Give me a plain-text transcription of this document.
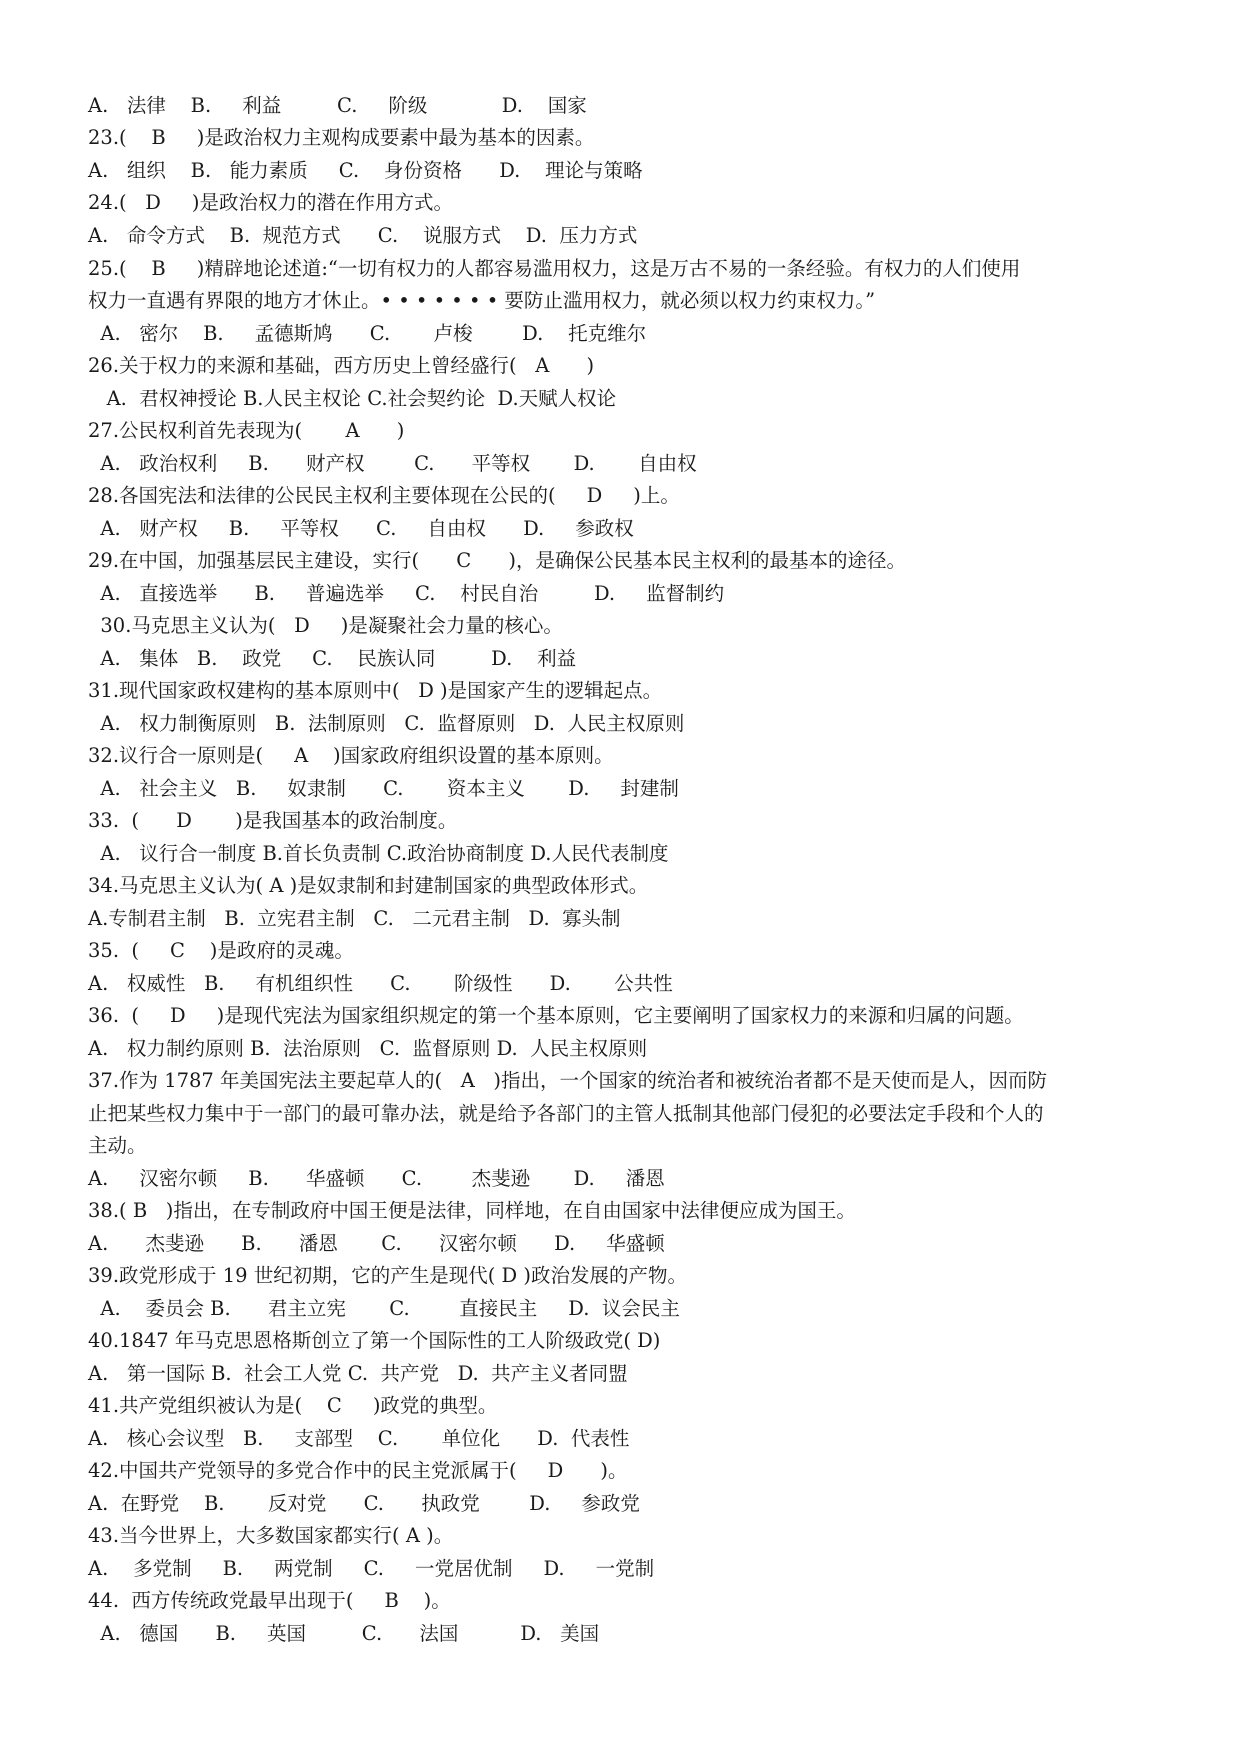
A.   法律    B.     利益         C.     阶级            D.    国家
23.(    B     )是政治权力主观构成要素中最为基本的因素。
A.   组织    B.   能力素质     C.    身份资格      D.    理论与策略
24.(   D     )是政治权力的潜在作用方式。
A.   命令方式    B.  规范方式      C.    说服方式    D.  压力方式
25.(    B     )精辟地论述道:“一切有权力的人都容易滥用权力，这是万古不易的一条经验。有权力的人们使用
权力一直遇有界限的地方才休止。• • • • • • • 要防止滥用权力，就必须以权力约束权力。”
A.   密尔    B.     孟德斯鸠      C.       卢梭        D.    托克维尔
26.关于权力的来源和基础，西方历史上曾经盛行(   A      )
A.  君权神授论 B.人民主权论 C.社会契约论  D.天赋人权论
27.公民权利首先表现为(       A      )
A.   政治权利     B.      财产权        C.      平等权       D.       自由权
28.各国宪法和法律的公民民主权利主要体现在公民的(     D     )上。
A.   财产权     B.     平等权      C.     自由权      D.     参政权
29.在中国，加强基层民主建设，实行(      C      )，是确保公民基本民主权利的最基本的途径。
A.   直接选举      B.     普遍选举     C.    村民自治         D.     监督制约
30.马克思主义认为(   D     )是凝聚社会力量的核心。
A.   集体   B.    政党     C.    民族认同         D.    利益
31.现代国家政权建构的基本原则中(   D )是国家产生的逻辑起点。
A.   权力制衡原则   B.  法制原则   C.  监督原则   D.  人民主权原则
32.议行合一原则是(     A    )国家政府组织设置的基本原则。
A.   社会主义   B.     奴隶制      C.       资本主义       D.     封建制
33.  (      D       )是我国基本的政治制度。
A.   议行合一制度 B.首长负责制 C.政治协商制度 D.人民代表制度
34.马克思主义认为( A )是奴隶制和封建制国家的典型政体形式。
A.专制君主制   B.  立宪君主制   C.   二元君主制   D.  寡头制
35.  (     C    )是政府的灵魂。
A.   权威性   B.     有机组织性      C.       阶级性      D.       公共性
36.  (     D     )是现代宪法为国家组织规定的第一个基本原则，它主要阐明了国家权力的来源和归属的问题。
A.   权力制约原则 B.  法治原则   C.  监督原则 D.  人民主权原则
37.作为 1787 年美国宪法主要起草人的(   A   )指出，一个国家的统治者和被统治者都不是天使而是人，因而防
止把某些权力集中于一部门的最可靠办法，就是给予各部门的主管人抵制其他部门侵犯的必要法定手段和个人的
主动。
A.     汉密尔顿     B.      华盛顿      C.        杰斐逊       D.     潘恩
38.( B   )指出，在专制政府中国王便是法律，同样地，在自由国家中法律便应成为国王。
A.      杰斐逊      B.      潘恩       C.      汉密尔顿      D.     华盛顿
39.政党形成于 19 世纪初期，它的产生是现代( D )政治发展的产物。
A.    委员会 B.      君主立宪       C.        直接民主     D.  议会民主
40.1847 年马克思恩格斯创立了第一个国际性的工人阶级政党( D)
A.   第一国际 B.  社会工人党 C.  共产党   D.  共产主义者同盟
41.共产党组织被认为是(    C     )政党的典型。
A.   核心会议型   B.     支部型    C.       单位化      D.  代表性
42.中国共产党领导的多党合作中的民主党派属于(     D      )。
A.  在野党    B.       反对党      C.      执政党        D.     参政党
43.当今世界上，大多数国家都实行( A )。
A.    多党制     B.     两党制     C.     一党居优制     D.     一党制
44.  西方传统政党最早出现于(     B    )。
A.   德国      B.     英国         C.      法国          D.   美国
